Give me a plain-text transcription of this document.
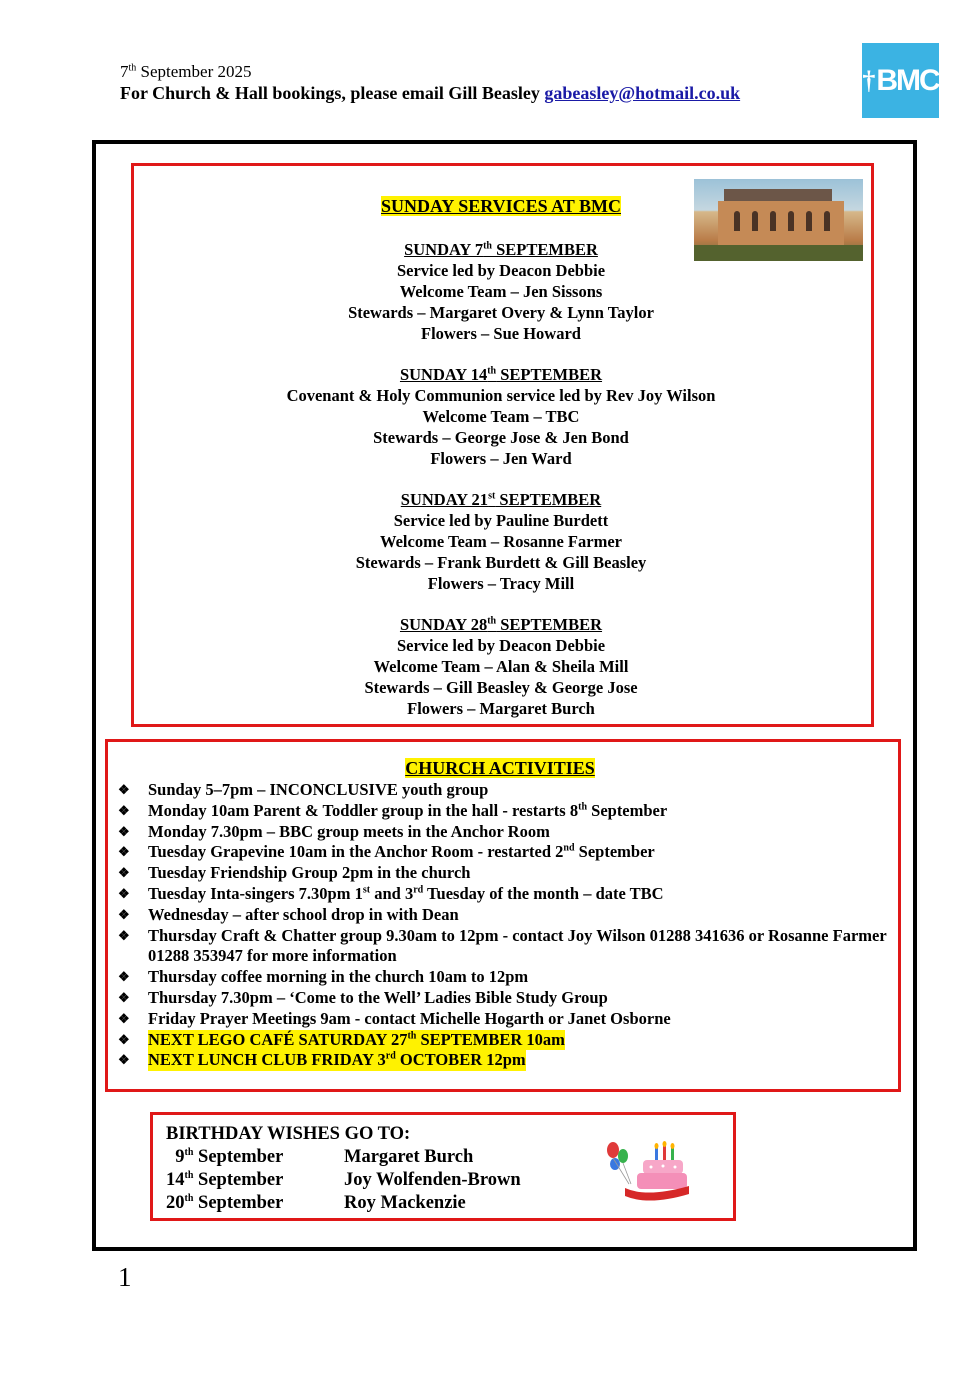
7th September 2025
For Church & Hall bookings, please email Gill Beasley gabeasley@hotmail.co.uk	† BMC
SUNDAY SERVICES AT BMC
SUNDAY 7th SEPTEMBER
Service led by Deacon Debbie
Welcome Team – Jen Sissons
Stewards – Margaret Overy & Lynn Taylor
Flowers – Sue Howard
SUNDAY 14th SEPTEMBER
Covenant & Holy Communion service led by Rev Joy Wilson
Welcome Team – TBC
Stewards – George Jose & Jen Bond
Flowers – Jen Ward
SUNDAY 21st SEPTEMBER
Service led by Pauline Burdett
Welcome Team – Rosanne Farmer
Stewards – Frank Burdett & Gill Beasley
Flowers – Tracy Mill
SUNDAY 28th SEPTEMBER
Service led by Deacon Debbie
Welcome Team – Alan & Sheila Mill
Stewards – Gill Beasley & George Jose
Flowers – Margaret Burch
CHURCH ACTIVITIES
❖	Sunday 5–7pm – INCONCLUSIVE youth group
❖	Monday 10am Parent & Toddler group in the hall - restarts 8th September
❖	Monday 7.30pm – BBC group meets in the Anchor Room
❖	Tuesday Grapevine 10am in the Anchor Room - restarted 2nd September
❖	Tuesday Friendship Group 2pm in the church
❖	Tuesday Inta-singers 7.30pm 1st and 3rd Tuesday of the month – date TBC
❖	Wednesday – after school drop in with Dean
❖	Thursday Craft & Chatter group 9.30am to 12pm - contact Joy Wilson 01288 341636 or Rosanne Farmer 01288 353947 for more information
❖	Thursday coffee morning in the church 10am to 12pm
❖	Thursday 7.30pm – ‘Come to the Well’ Ladies Bible Study Group
❖	Friday Prayer Meetings 9am - contact Michelle Hogarth or Janet Osborne
❖	NEXT LEGO CAFÉ SATURDAY 27th SEPTEMBER 10am
❖	NEXT LUNCH CLUB FRIDAY 3rd OCTOBER 12pm
BIRTHDAY WISHES GO TO:
9th September	Margaret Burch
14th September	Joy Wolfenden-Brown
20th September	Roy Mackenzie
1
